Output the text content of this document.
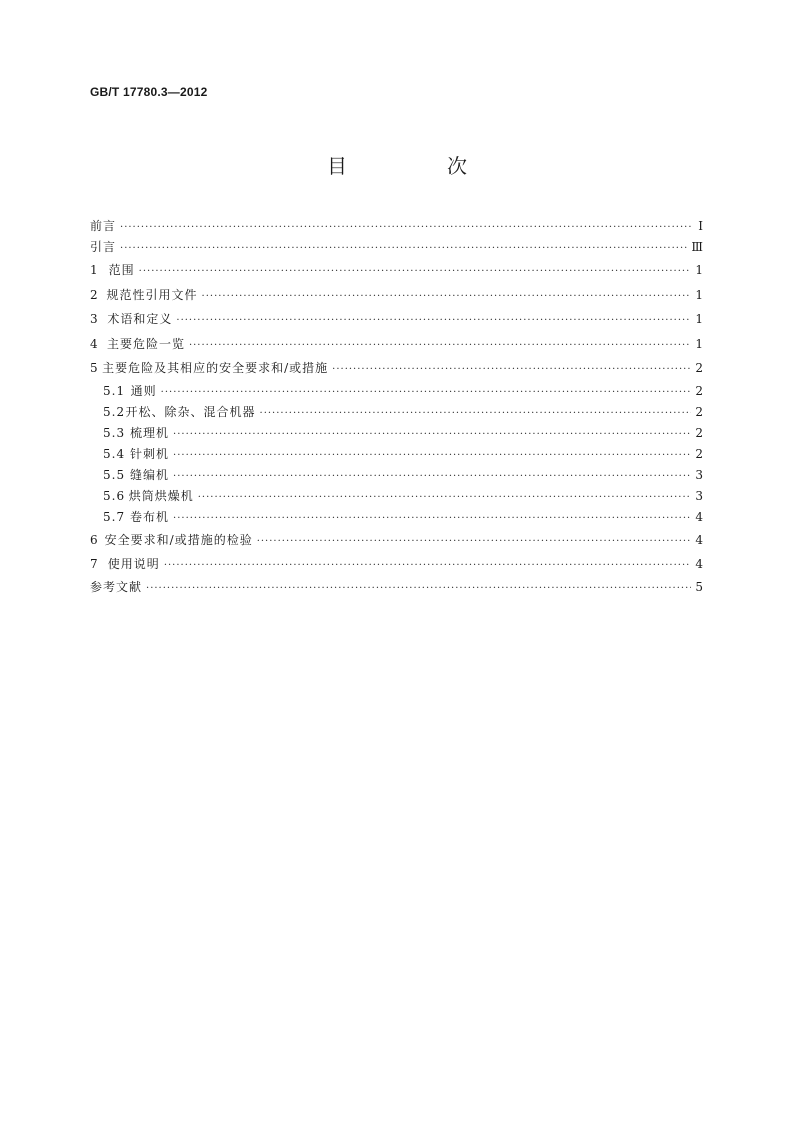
GB/T 17780.3—2012
目　次
前言 ·····	Ⅰ
引言 ·····	Ⅲ
1 范围 ·····	1
2 规范性引用文件 ·····	1
3 术语和定义 ·····	1
4 主要危险一览 ·····	1
5 主要危险及其相应的安全要求和/或措施 ·····	2
5.1 通则 ·····	2
5.2 开松、除杂、混合机器 ·····	2
5.3 梳理机 ·····	2
5.4 针刺机 ·····	2
5.5 缝编机 ·····	3
5.6 烘筒烘燥机 ·····	3
5.7 卷布机 ·····	4
6 安全要求和/或措施的检验 ·····	4
7 使用说明 ·····	4
参考文献 ·····	5
